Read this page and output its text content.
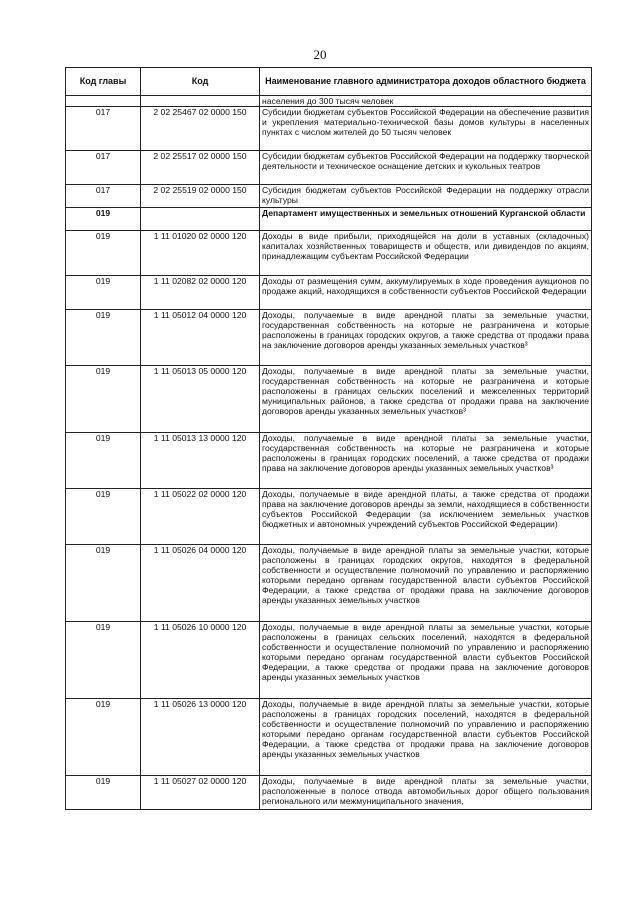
20
Код главы	Код	Наименование главного администратора доходов областного бюджета
		населения до 300 тысяч человек
017	2 02 25467 02 0000 150	Субсидии бюджетам субъектов Российской Федерации на обеспечение развития и укрепления материально-технической базы домов культуры в населенных пунктах с числом жителей до 50 тысяч человек
017	2 02 25517 02 0000 150	Субсидии бюджетам субъектов Российской Федерации на поддержку творческой деятельности и техническое оснащение детских и кукольных театров
017	2 02 25519 02 0000 150	Субсидия бюджетам субъектов Российской Федерации на поддержку отрасли культуры
019		Департамент имущественных и земельных отношений Курганской области
019	1 11 01020 02 0000 120	Доходы в виде прибыли, приходящейся на доли в уставных (складочных) капиталах хозяйственных товариществ и обществ, или дивидендов по акциям, принадлежащим субъектам Российской Федерации
019	1 11 02082 02 0000 120	Доходы от размещения сумм, аккумулируемых в ходе проведения аукционов по продаже акций, находящихся в собственности субъектов Российской Федерации
019	1 11 05012 04 0000 120	Доходы, получаемые в виде арендной платы за земельные участки, государственная собственность на которые не разграничена и которые расположены в границах городских округов, а также средства от продажи права на заключение договоров аренды указанных земельных участков³
019	1 11 05013 05 0000 120	Доходы, получаемые в виде арендной платы за земельные участки, государственная собственность на которые не разграничена и которые расположены в границах сельских поселений и межселенных территорий муниципальных районов, а также средства от продажи права на заключение договоров аренды указанных земельных участков³
019	1 11 05013 13 0000 120	Доходы, получаемые в виде арендной платы за земельные участки, государственная собственность на которые не разграничена и которые расположены в границах городских поселений, а также средства от продажи права на заключение договоров аренды указанных земельных участков³
019	1 11 05022 02 0000 120	Доходы, получаемые в виде арендной платы, а также средства от продажи права на заключение договоров аренды за земли, находящиеся в собственности субъектов Российской Федерации (за исключением земельных участков бюджетных и автономных учреждений субъектов Российской Федерации)
019	1 11 05026 04 0000 120	Доходы, получаемые в виде арендной платы за земельные участки, которые расположены в границах городских округов, находятся в федеральной собственности и осуществление полномочий по управлению и распоряжению которыми передано органам государственной власти субъектов Российской Федерации, а также средства от продажи права на заключение договоров аренды указанных земельных участков
019	1 11 05026 10 0000 120	Доходы, получаемые в виде арендной платы за земельные участки, которые расположены в границах сельских поселений, находятся в федеральной собственности и осуществление полномочий по управлению и распоряжению которыми передано органам государственной власти субъектов Российской Федерации, а также средства от продажи права на заключение договоров аренды указанных земельных участков
019	1 11 05026 13 0000 120	Доходы, получаемые в виде арендной платы за земельные участки, которые расположены в границах городских поселений, находятся в федеральной собственности и осуществление полномочий по управлению и распоряжению которыми передано органам государственной власти субъектов Российской Федерации, а также средства от продажи права на заключение договоров аренды указанных земельных участков
019	1 11 05027 02 0000 120	Доходы, получаемые в виде арендной платы за земельные участки, расположенные в полосе отвода автомобильных дорог общего пользования регионального или межмуниципального значения,
